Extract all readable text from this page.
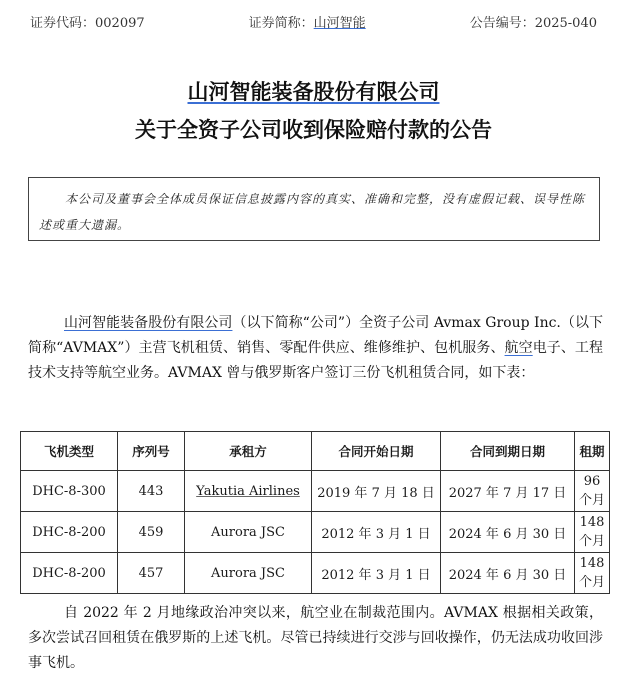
证券代码：002097	证券简称：山河智能	公告编号：2025-040
山河智能装备股份有限公司
关于全资子公司收到保险赔付款的公告
本公司及董事会全体成员保证信息披露内容的真实、准确和完整，没有虚假记载、误导性陈述或重大遗漏。
山河智能装备股份有限公司（以下简称“公司”）全资子公司 Avmax Group Inc.（以下简称“AVMAX”）主营飞机租赁、销售、零配件供应、维修维护、包机服务、航空电子、工程技术支持等航空业务。AVMAX 曾与俄罗斯客户签订三份飞机租赁合同，如下表：
飞机类型	序列号	承租方	合同开始日期	合同到期日期	租期
DHC-8-300	443	Yakutia Airlines	2019 年 7 月 18 日	2027 年 7 月 17 日	96 个月
DHC-8-200	459	Aurora JSC	2012 年 3 月 1 日	2024 年 6 月 30 日	148 个月
DHC-8-200	457	Aurora JSC	2012 年 3 月 1 日	2024 年 6 月 30 日	148 个月
自 2022 年 2 月地缘政治冲突以来，航空业在制裁范围内。AVMAX 根据相关政策，多次尝试召回租赁在俄罗斯的上述飞机。尽管已持续进行交涉与回收操作，仍无法成功收回涉事飞机。
